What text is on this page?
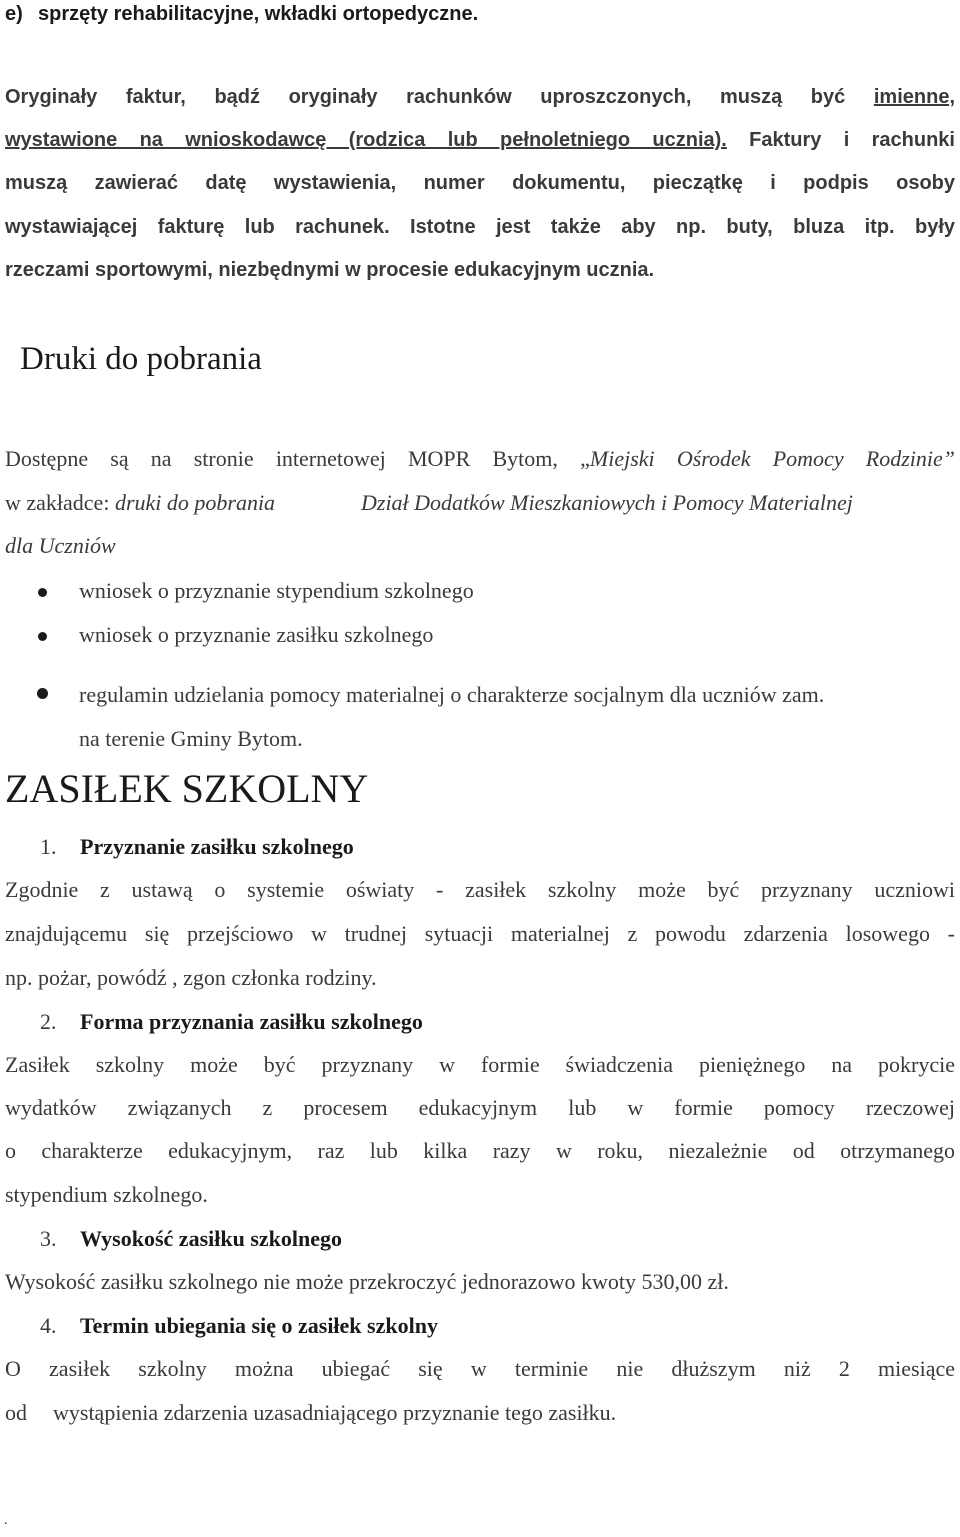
e) sprzęty rehabilitacyjne, wkładki ortopedyczne.
Oryginały faktur, bądź oryginały rachunków uproszczonych, muszą być imienne,
wystawione na wnioskodawcę (rodzica lub pełnoletniego ucznia). Faktury i rachunki
muszą zawierać datę wystawienia, numer dokumentu, pieczątkę i podpis osoby
wystawiającej fakturę lub rachunek. Istotne jest także aby np. buty, bluza itp. były
rzeczami sportowymi, niezbędnymi w procesie edukacyjnym ucznia.
Druki do pobrania
Dostępne są na stronie internetowej MOPR Bytom, „Miejski Ośrodek Pomocy Rodzinie”
w zakładce: druki do pobrania	Dział Dodatków Mieszkaniowych i Pomocy Materialnej
dla Uczniów
wniosek o przyznanie stypendium szkolnego
wniosek o przyznanie zasiłku szkolnego
regulamin udzielania pomocy materialnej o charakterze socjalnym dla uczniów zam.
na terenie Gminy Bytom.
ZASIŁEK SZKOLNY
1. Przyznanie zasiłku szkolnego
Zgodnie z ustawą o systemie oświaty - zasiłek szkolny może być przyznany uczniowi
znajdującemu się przejściowo w trudnej sytuacji materialnej z powodu zdarzenia losowego -
np. pożar, powódź , zgon członka rodziny.
2. Forma przyznania zasiłku szkolnego
Zasiłek szkolny może być przyznany w formie świadczenia pieniężnego na pokrycie
wydatków związanych z procesem edukacyjnym lub w formie pomocy rzeczowej
o charakterze edukacyjnym, raz lub kilka razy w roku, niezależnie od otrzymanego
stypendium szkolnego.
3. Wysokość zasiłku szkolnego
Wysokość zasiłku szkolnego nie może przekroczyć jednorazowo kwoty 530,00 zł.
4. Termin ubiegania się o zasiłek szkolny
O zasiłek szkolny można ubiegać się w terminie nie dłuższym niż 2 miesiące
od wystąpienia zdarzenia uzasadniającego przyznanie tego zasiłku.
.
